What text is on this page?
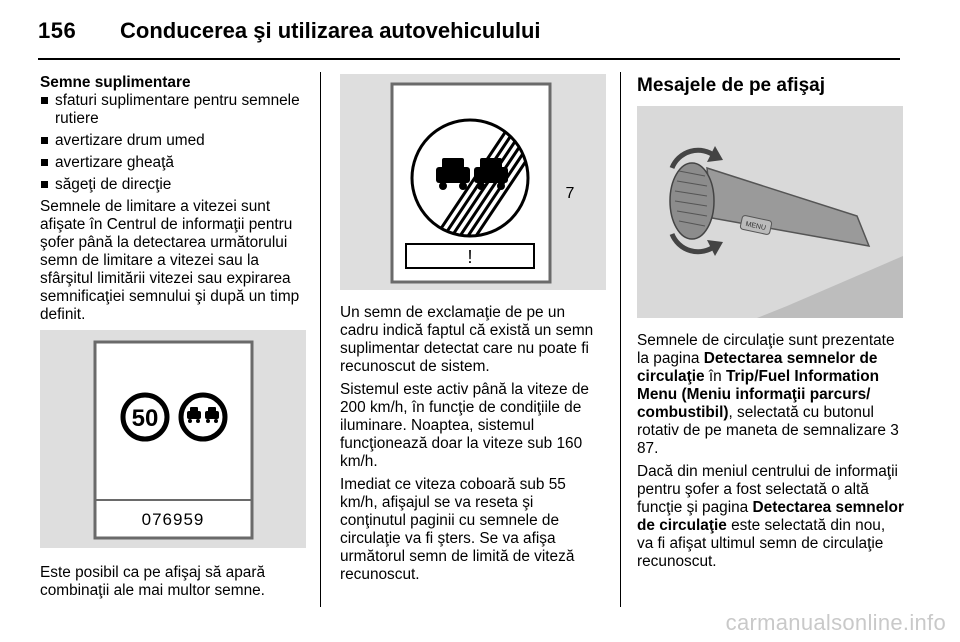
156 Conducerea şi utilizarea autovehiculului

Semne suplimentare

sfaturi suplimentare pentru semnele rutiere
avertizare drum umed
avertizare gheaţă
săgeţi de direcţie

Semnele de limitare a vitezei sunt afişate în Centrul de informaţii pentru şofer până la detectarea următorului semn de limitare a vitezei sau la sfârşitul limitării vitezei sau expirarea semnificaţiei semnului şi după un timp definit.

50
076959

Este posibil ca pe afişaj să apară combinaţii ale mai multor semne.

!
7

Un semn de exclamaţie de pe un cadru indică faptul că există un semn suplimentar detectat care nu poate fi recunoscut de sistem.

Sistemul este activ până la viteze de 200 km/h, în funcţie de condiţiile de iluminare. Noaptea, sistemul funcţionează doar la viteze sub 160 km/h.

Imediat ce viteza coboară sub 55 km/h, afişajul se va reseta şi conţinutul paginii cu semnele de circulaţie va fi şters. Se va afişa următorul semn de limită de viteză recunoscut.

Mesajele de pe afişaj
MENU

Semnele de circulaţie sunt prezentate la pagina Detectarea semnelor de circulaţie în Trip/Fuel Information Menu (Meniu informaţii parcurs/ combustibil), selectată cu butonul rotativ de pe maneta de semnalizare 3 87.

Dacă din meniul centrului de informaţii pentru şofer a fost selectată o altă funcţie şi pagina Detectarea semnelor de circulaţie este selectată din nou, va fi afişat ultimul semn de circulaţie recunoscut.

carmanualsonline.info
